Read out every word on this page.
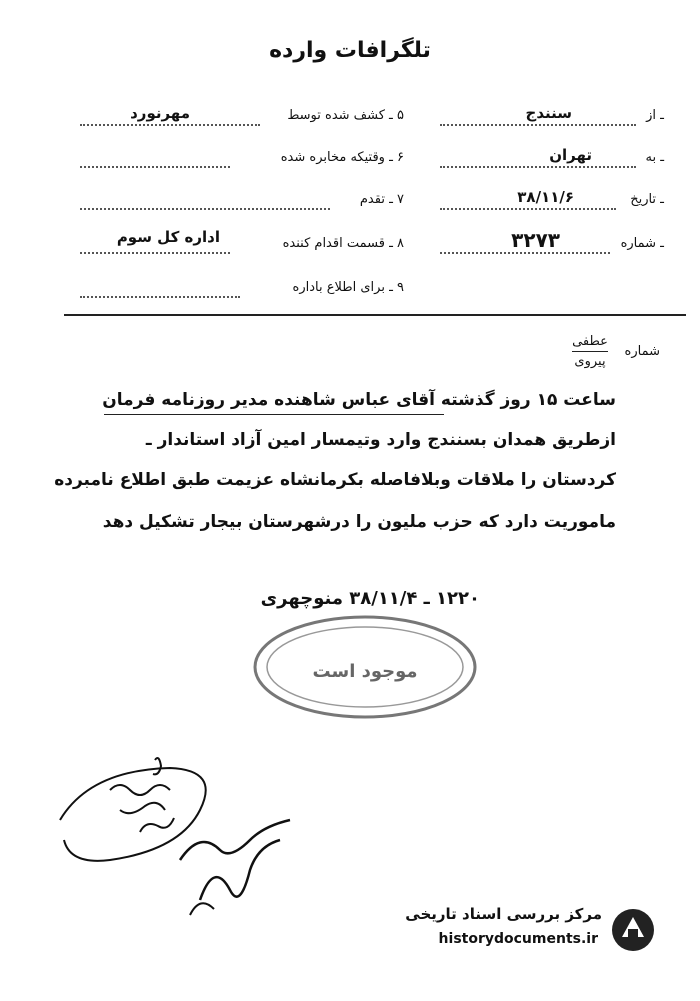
تلگرافات وارده
ـ از
سنندج
ـ به
تهران
ـ تاریخ
۳۸/۱۱/۶
ـ شماره
۳۲۷۳
۵ ـ کشف شده توسط
مهرنورد
۶ ـ وقتیکه مخابره شده
۷ ـ تقدم
۸ ـ قسمت اقدام کننده
اداره کل سوم
۹ ـ برای اطلاع باداره
شماره
عطفی
پیروی
ساعت ۱۵ روز گذشته آقای عباس شاهنده مدیر روزنامه فرمان
ازطریق همدان بسنندج وارد وتیمسار امین آزاد استاندار ـ
کردستان را ملاقات وبلافاصله بکرمانشاه عزیمت طبق اطلاع نامبرده
ماموریت دارد که حزب ملیون را درشهرستان بیجار تشکیل دهد
۱۲۲۰ ـ ۳۸/۱۱/۴ منوچهری
موجود است
مرکز بررسی اسناد تاریخی
historydocuments.ir
